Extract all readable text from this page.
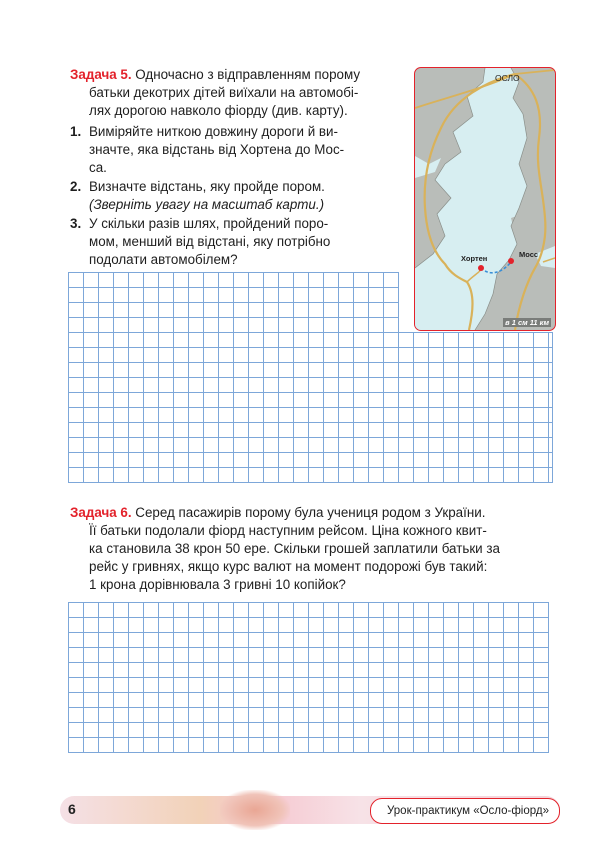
Задача 5. Одночасно з відправленням порому
батьки декотрих дітей виїхали на автомобі-
лях дорогою навколо фіорду (див. карту).
1. Виміряйте ниткою довжину дороги й ви-
значте, яка відстань від Хортена до Мос-
са.
2. Визначте відстань, яку пройде пором.
(Зверніть увагу на масштаб карти.)
3. У скільки разів шлях, пройдений поро-
мом, менший від відстані, яку потрібно
подолати автомобілем?
ОСЛО
Хортен	Мосс
в 1 см 11 км
Задача 6. Серед пасажирів порому була учениця родом з України.
Її батьки подолали фіорд наступним рейсом. Ціна кожного квит-
ка становила 38 крон 50 ере. Скільки грошей заплатили батьки за
рейс у гривнях, якщо курс валют на момент подорожі був такий:
1 крона дорівнювала 3 гривні 10 копійок?
6	Урок-практикум «Осло-фіорд»
